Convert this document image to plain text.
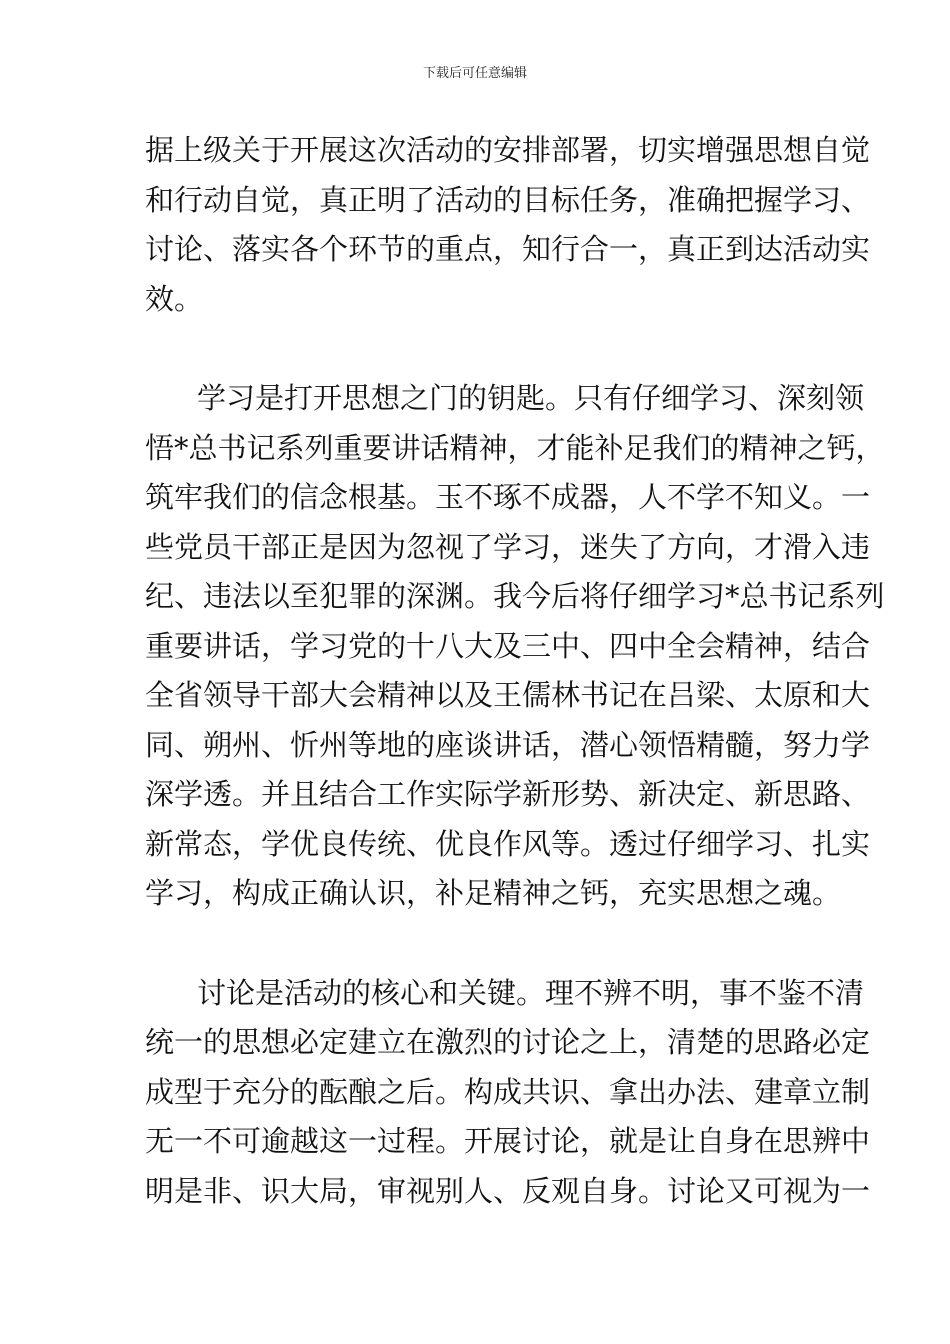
下载后可任意编辑

据上级关于开展这次活动的安排部署，切实增强思想自觉
和行动自觉，真正明了活动的目标任务，准确把握学习、
讨论、落实各个环节的重点，知行合一，真正到达活动实
效。

学习是打开思想之门的钥匙。只有仔细学习、深刻领
悟*总书记系列重要讲话精神，才能补足我们的精神之钙，
筑牢我们的信念根基。玉不琢不成器，人不学不知义。一
些党员干部正是因为忽视了学习，迷失了方向，才滑入违
纪、违法以至犯罪的深渊。我今后将仔细学习*总书记系列
重要讲话，学习党的十八大及三中、四中全会精神，结合
全省领导干部大会精神以及王儒林书记在吕梁、太原和大
同、朔州、忻州等地的座谈讲话，潜心领悟精髓，努力学
深学透。并且结合工作实际学新形势、新决定、新思路、
新常态，学优良传统、优良作风等。透过仔细学习、扎实
学习，构成正确认识，补足精神之钙，充实思想之魂。

讨论是活动的核心和关键。理不辨不明，事不鉴不清
统一的思想必定建立在激烈的讨论之上，清楚的思路必定
成型于充分的酝酿之后。构成共识、拿出办法、建章立制
无一不可逾越这一过程。开展讨论，就是让自身在思辨中
明是非、识大局，审视别人、反观自身。讨论又可视为一
